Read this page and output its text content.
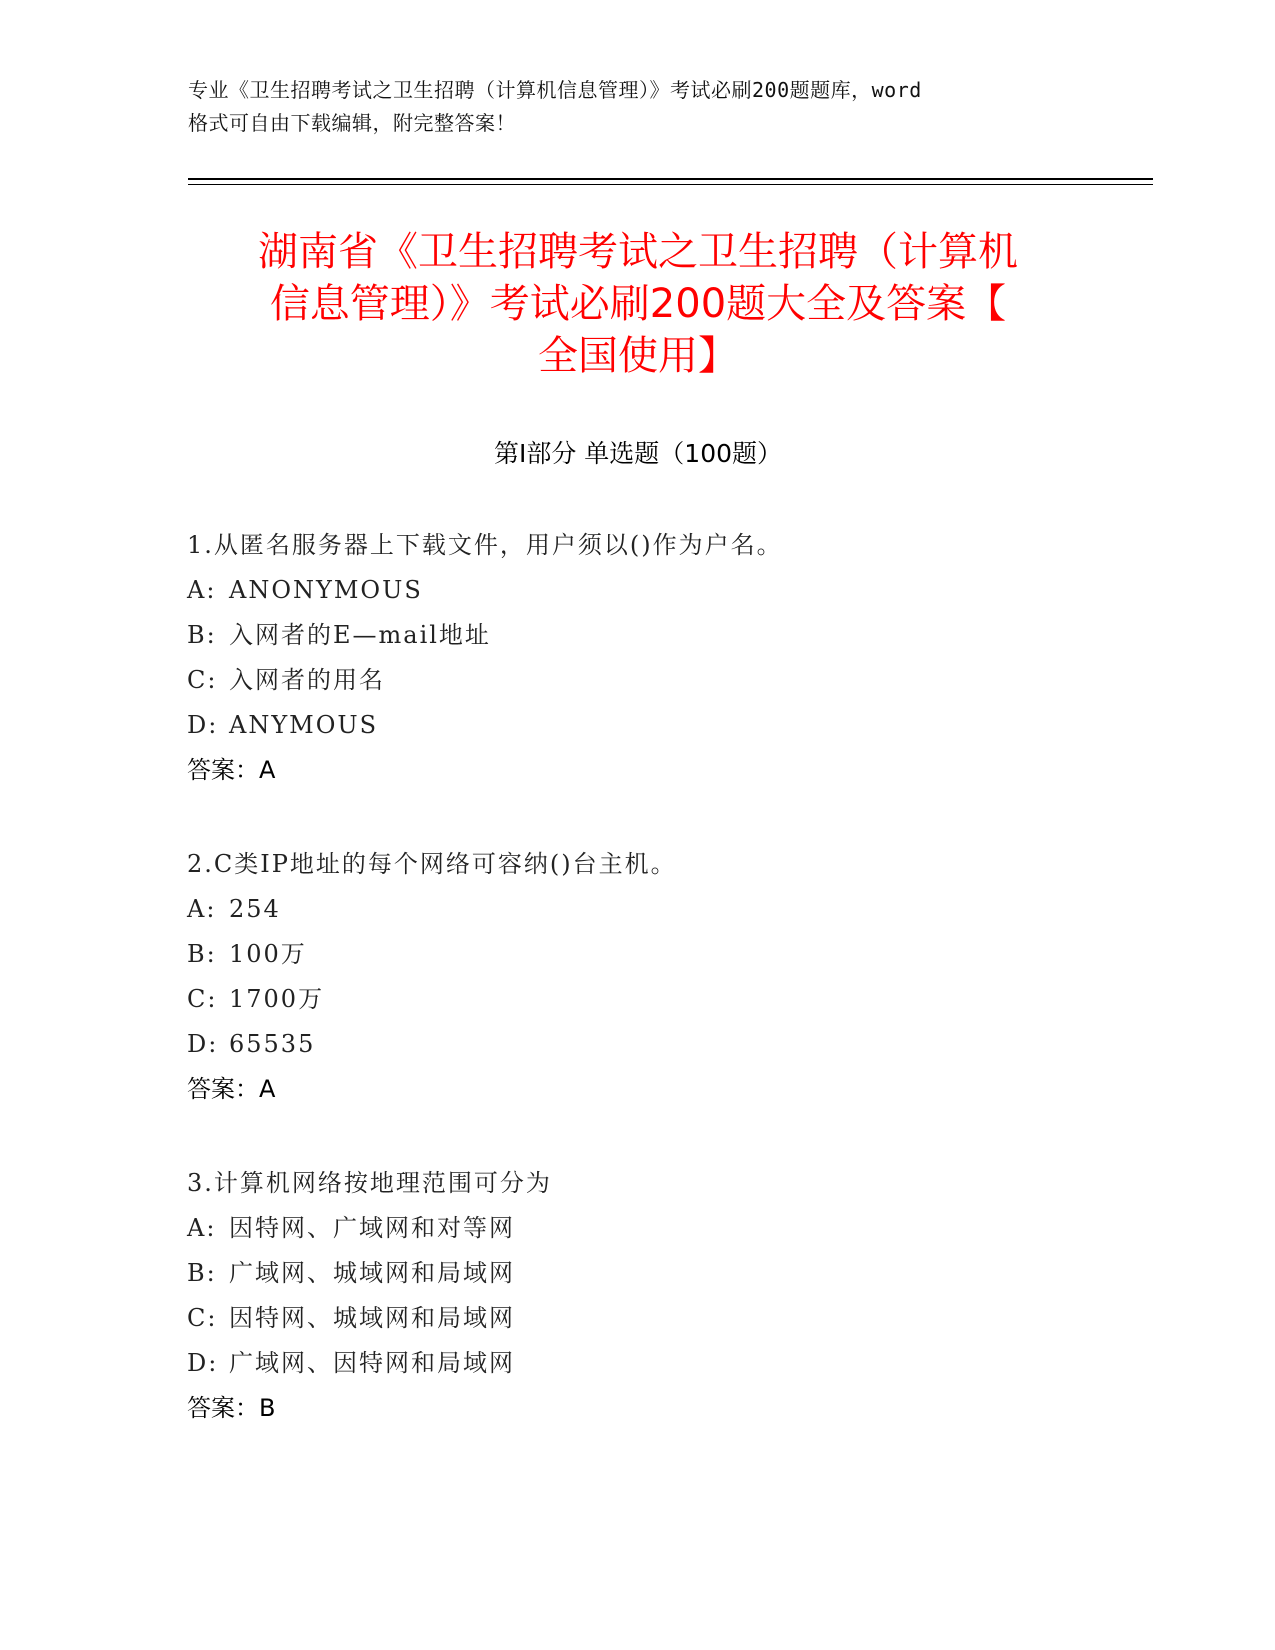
专业《卫生招聘考试之卫生招聘（计算机信息管理）》考试必刷200题题库，word
格式可自由下载编辑，附完整答案！
湖南省《卫生招聘考试之卫生招聘（计算机
信息管理）》考试必刷200题大全及答案【
全国使用】
第Ⅰ部分 单选题（100题）
1.从匿名服务器上下载文件，用户须以()作为户名。
A: ANONYMOUS
B: 入网者的E—mail地址
C: 入网者的用名
D: ANYMOUS
答案：A
2.C类IP地址的每个网络可容纳()台主机。
A: 254
B: 100万
C: 1700万
D: 65535
答案：A
3.计算机网络按地理范围可分为
A: 因特网、广域网和对等网
B: 广域网、城域网和局域网
C: 因特网、城域网和局域网
D: 广域网、因特网和局域网
答案：B
